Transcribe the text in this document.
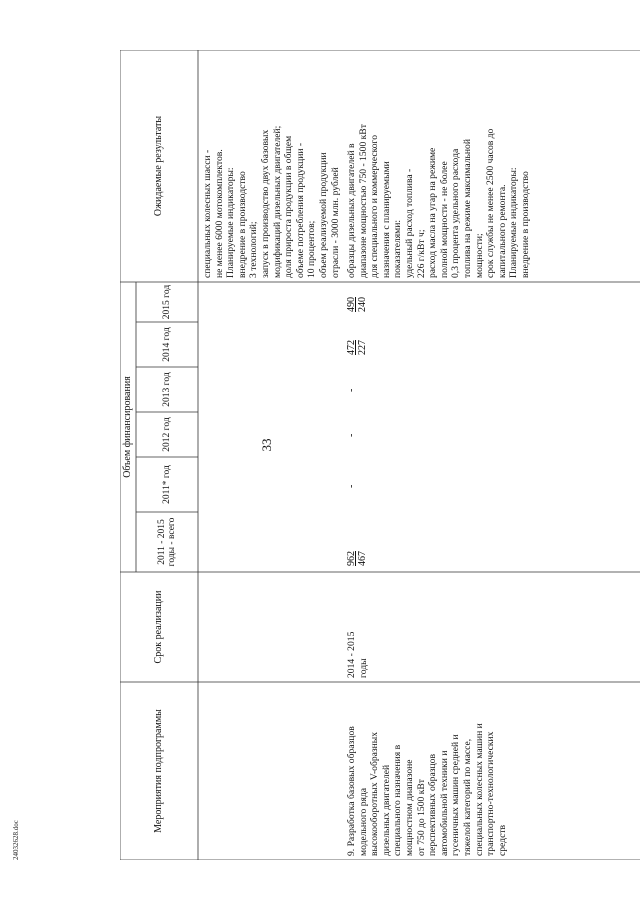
33
24032628.doc
Мероприятия подпрограммы
Срок реализации
Объем финансирования
2011 - 2015 годы - всего
2011* год
2012 год
2013 год
2014 год
2015 год
Ожидаемые результаты	специальных колесных шасси - не менее 6000 мотокомплектов. Планируемые индикаторы: внедрение в производство 3 технологий; запуск в производство двух базовых модификаций дизельных двигателей; доля прироста продукции в общем объеме потребления продукции - 10 процентов; объем реализуемой продукции отрасли - 3000 млн. рублей
9. Разработка базовых образцов модельного ряда высокооборотных V-образных дизельных двигателей специального назначения в мощностном диапазоне от 750 до 1500 кВт перспективных образцов автомобильной техники и гусеничных машин средней и тяжелой категорий по массе, специальных колесных машин и транспортно-технологических средств
2014 - 2015 годы
962 467
-
-
-
472 227
490 240
образцы дизельных двигателей в диапазоне мощностью 750 - 1500 кВт для специального и коммерческого назначения с планируемыми показателями: удельный расход топлива - 226 г/кВт ч; расход масла на угар на режиме полной мощности - не более 0,3 процента удельного расхода топлива на режиме максимальной мощности; срок службы не менее 2500 часов до капитального ремонта. Планируемые индикаторы: внедрение в производство
